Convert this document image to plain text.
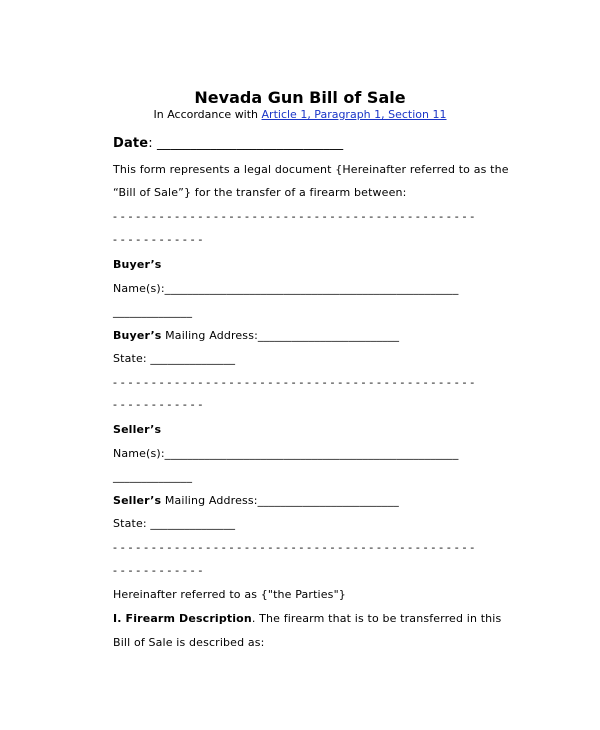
Nevada Gun Bill of Sale
In Accordance with Article 1, Paragraph 1, Section 11
Date: ____________________________
This form represents a legal document {Hereinafter referred to as the
“Bill of Sale”} for the transfer of a firearm between:
- - - - - - - - - - - - - - - - - - - - - - - - - - - - - - - - - - - - - - - - - - - - - - -
- - - - - - - - - - - -
Buyer’s
Name(s):____________________________________________________
______________
Buyer’s Mailing Address:_________________________
State: _______________
- - - - - - - - - - - - - - - - - - - - - - - - - - - - - - - - - - - - - - - - - - - - - - -
- - - - - - - - - - - -
Seller’s
Name(s):____________________________________________________
______________
Seller’s Mailing Address:_________________________
State: _______________
- - - - - - - - - - - - - - - - - - - - - - - - - - - - - - - - - - - - - - - - - - - - - - -
- - - - - - - - - - - -
Hereinafter referred to as {"the Parties"}
I. Firearm Description. The firearm that is to be transferred in this
Bill of Sale is described as:
